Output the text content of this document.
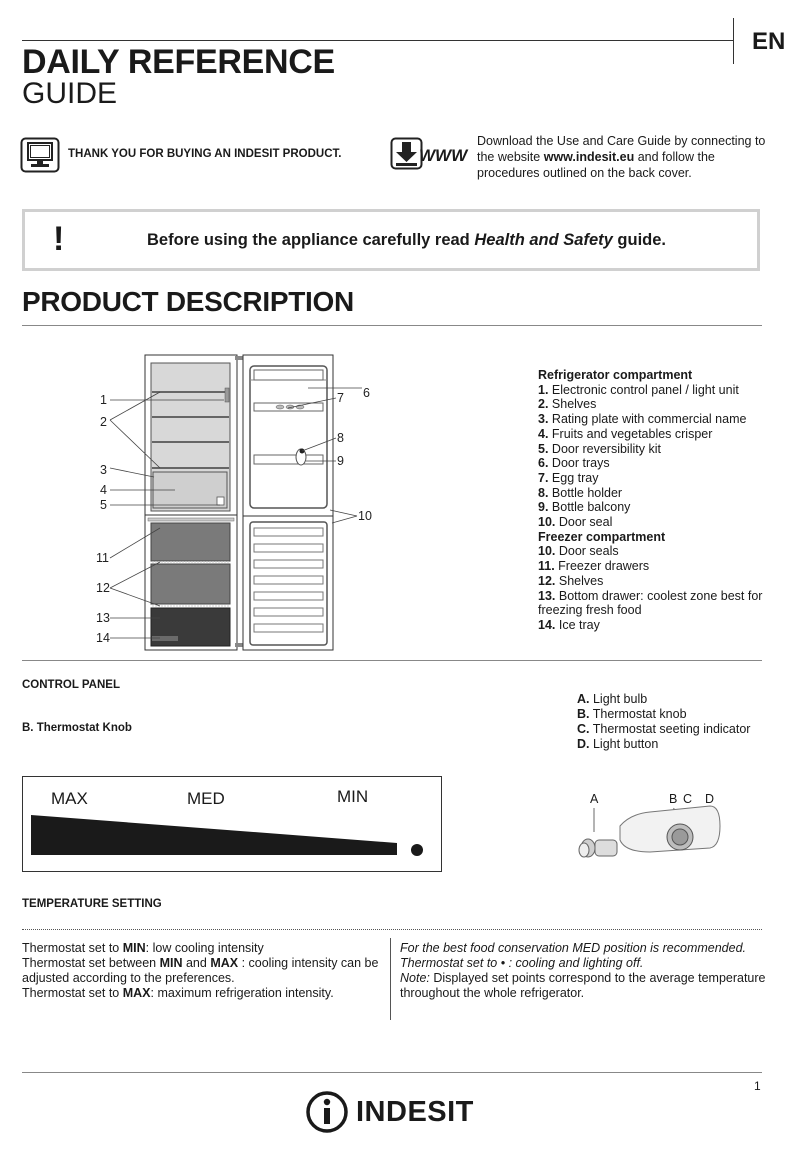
DAILY REFERENCE
GUIDE
EN
THANK YOU FOR BUYING AN INDESIT PRODUCT.	WWW
Download the Use and Care Guide by connecting to the website www.indesit.eu and follow the procedures outlined on the back cover.
!	Before using the appliance carefully read Health and Safety guide.
PRODUCT DESCRIPTION
1
2
3
4
5
6
7
8
9
10
11
12
13
14
Refrigerator compartment
1. Electronic control panel / light unit
2. Shelves
3. Rating plate with commercial name
4. Fruits and vegetables crisper
5. Door reversibility kit
6. Door trays
7. Egg tray
8. Bottle holder
9. Bottle balcony
10. Door seal
Freezer compartment
10. Door seals
11. Freezer drawers
12. Shelves
13. Bottom drawer: coolest zone best for
freezing fresh food
14. Ice tray
CONTROL PANEL
B. Thermostat Knob
A. Light bulb
B. Thermostat knob
C. Thermostat seeting indicator
D. Light button
MAX	MED	MIN	A	B C D
TEMPERATURE SETTING
Thermostat set to MIN: low cooling intensity
Thermostat set between MIN and MAX : cooling intensity can be adjusted according to the preferences.
Thermostat set to MAX: maximum refrigeration intensity.
For the best food conservation MED position is recommended.
Thermostat set to • : cooling and lighting off.
Note: Displayed set points correspond to the average temperature throughout the whole refrigerator.
1
INDESIT
